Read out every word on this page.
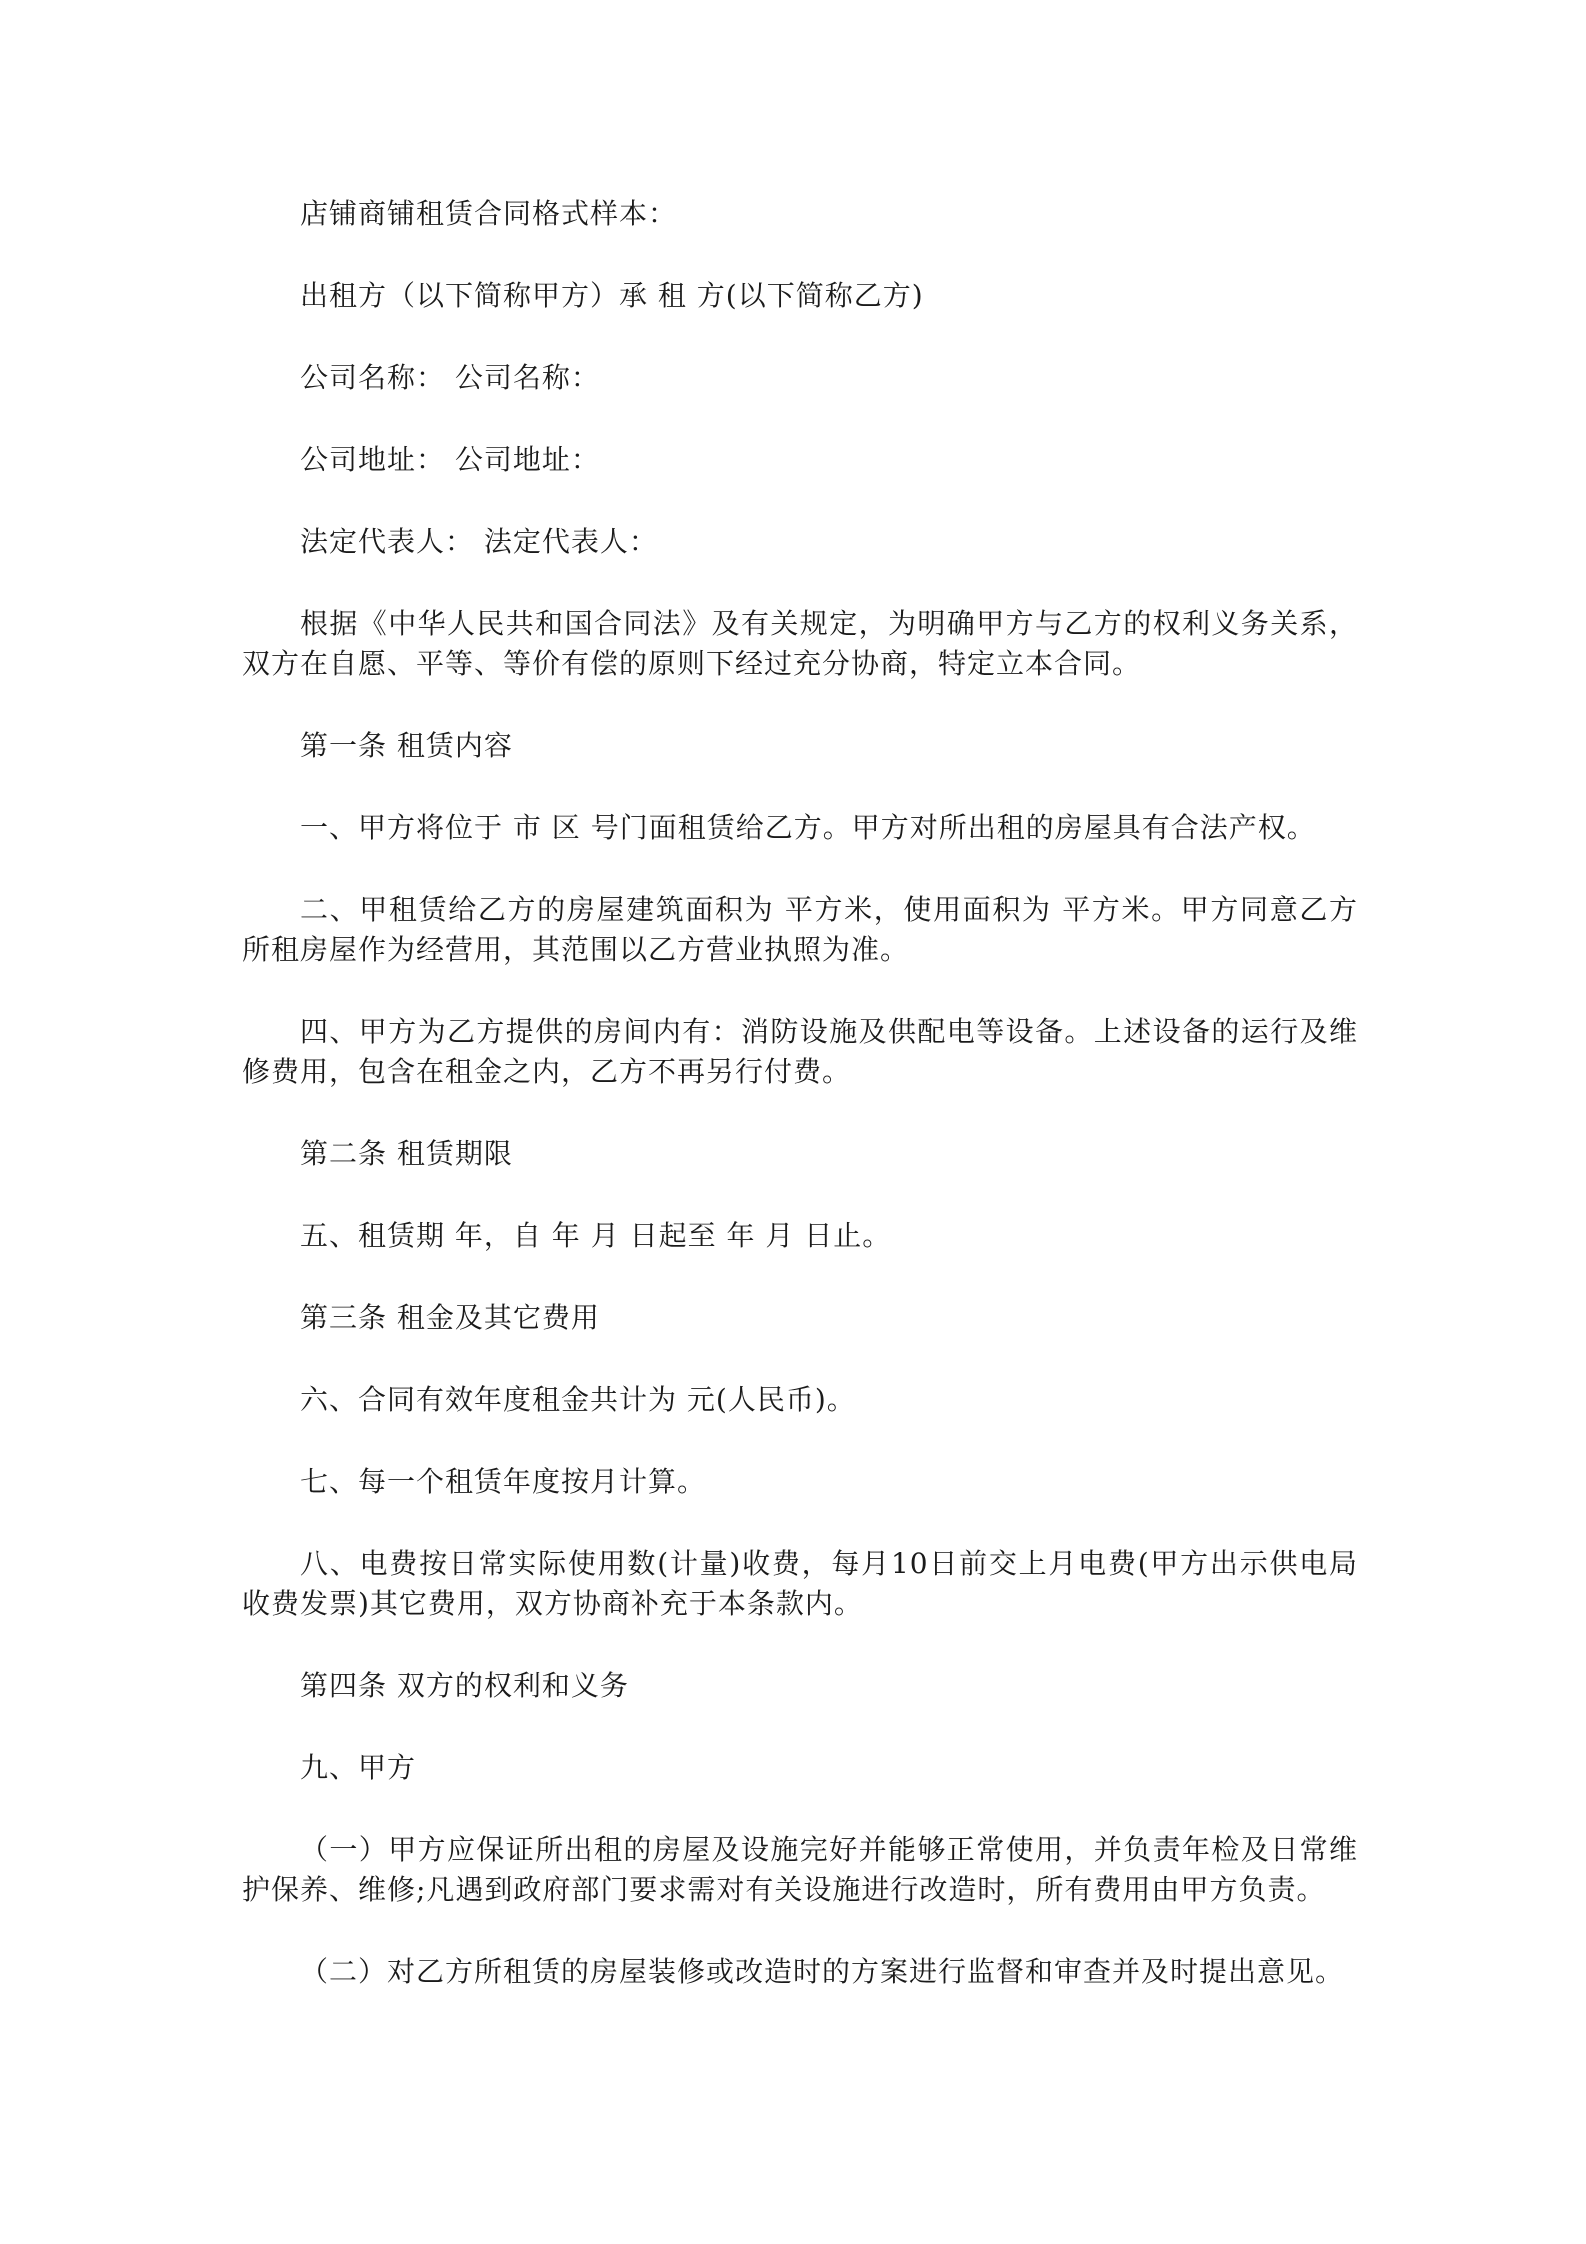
店铺商铺租赁合同格式样本：

出租方（以下简称甲方）承 租 方(以下简称乙方)

公司名称： 公司名称：

公司地址： 公司地址：

法定代表人： 法定代表人：

根据《中华人民共和国合同法》及有关规定，为明确甲方与乙方的权利义务关系，双方在自愿、平等、等价有偿的原则下经过充分协商，特定立本合同。

第一条 租赁内容

一、甲方将位于 市 区 号门面租赁给乙方。甲方对所出租的房屋具有合法产权。

二、甲租赁给乙方的房屋建筑面积为 平方米，使用面积为 平方米。甲方同意乙方所租房屋作为经营用，其范围以乙方营业执照为准。

四、甲方为乙方提供的房间内有：消防设施及供配电等设备。上述设备的运行及维修费用，包含在租金之内，乙方不再另行付费。

第二条 租赁期限

五、租赁期 年，自 年 月 日起至 年 月 日止。

第三条 租金及其它费用

六、合同有效年度租金共计为 元(人民币)。

七、每一个租赁年度按月计算。

八、电费按日常实际使用数(计量)收费，每月10日前交上月电费(甲方出示供电局收费发票)其它费用，双方协商补充于本条款内。

第四条 双方的权利和义务

九、甲方

（一）甲方应保证所出租的房屋及设施完好并能够正常使用，并负责年检及日常维护保养、维修;凡遇到政府部门要求需对有关设施进行改造时，所有费用由甲方负责。

（二）对乙方所租赁的房屋装修或改造时的方案进行监督和审查并及时提出意见。
